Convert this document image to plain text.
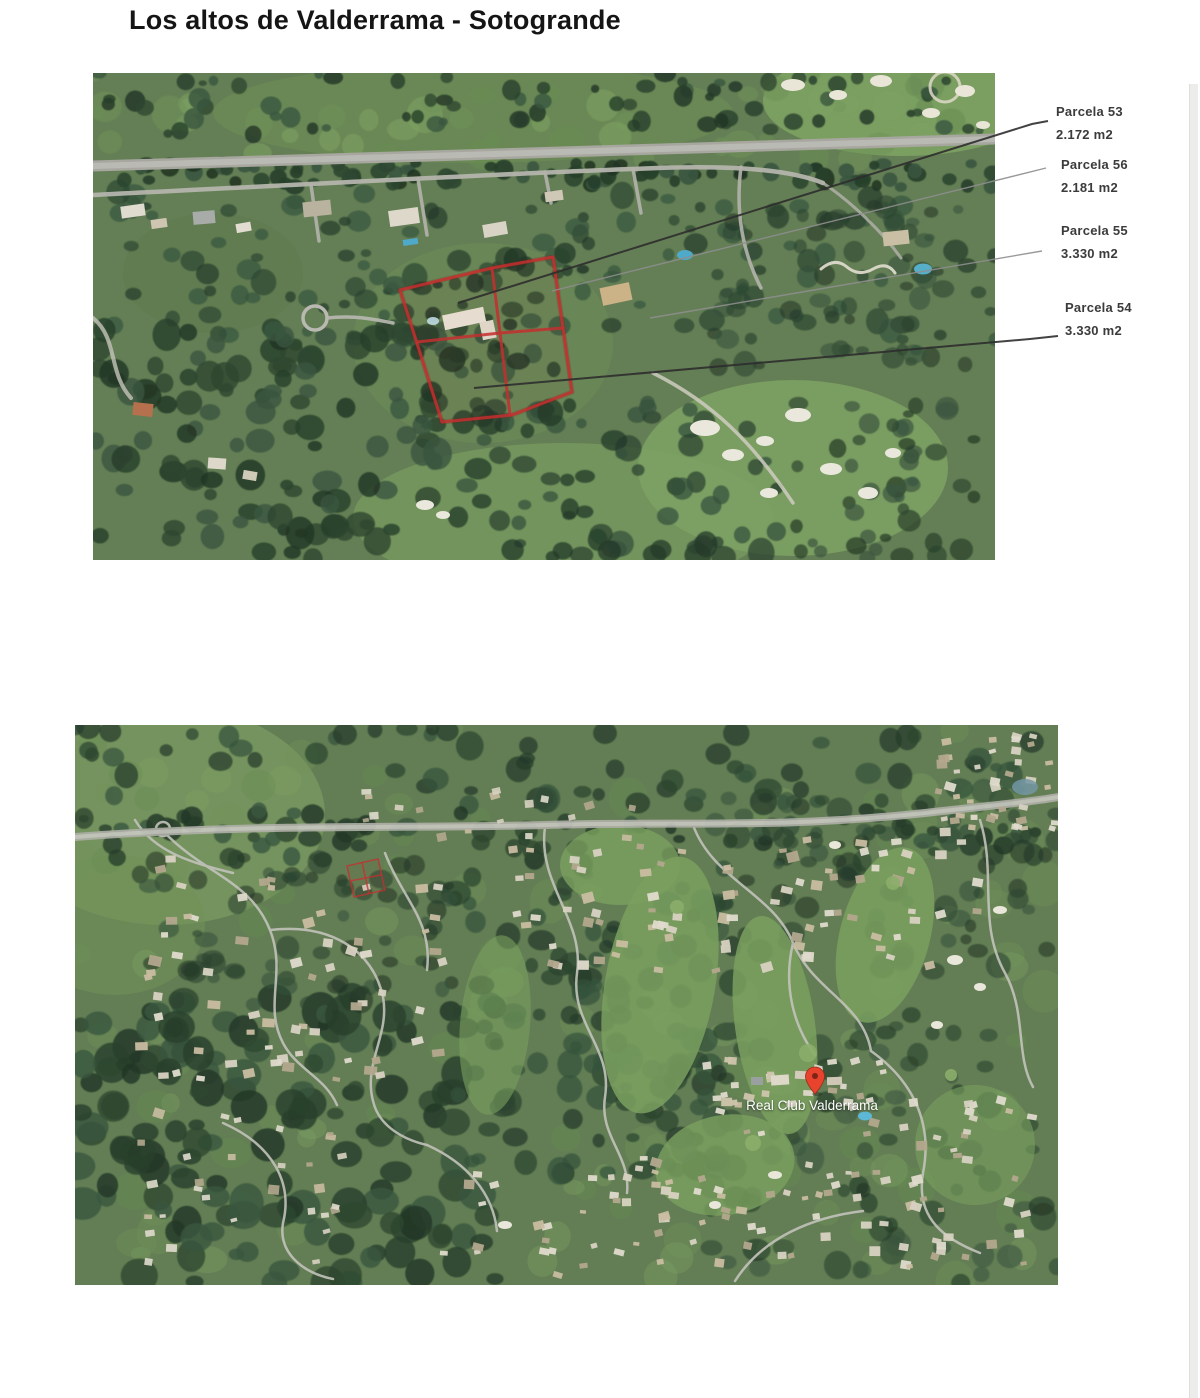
Los altos de Valderrama - Sotogrande
Real Club Valderrama
Parcela 53
2.172 m2
Parcela 56
2.181 m2
Parcela 55
3.330 m2
Parcela 54
3.330 m2
